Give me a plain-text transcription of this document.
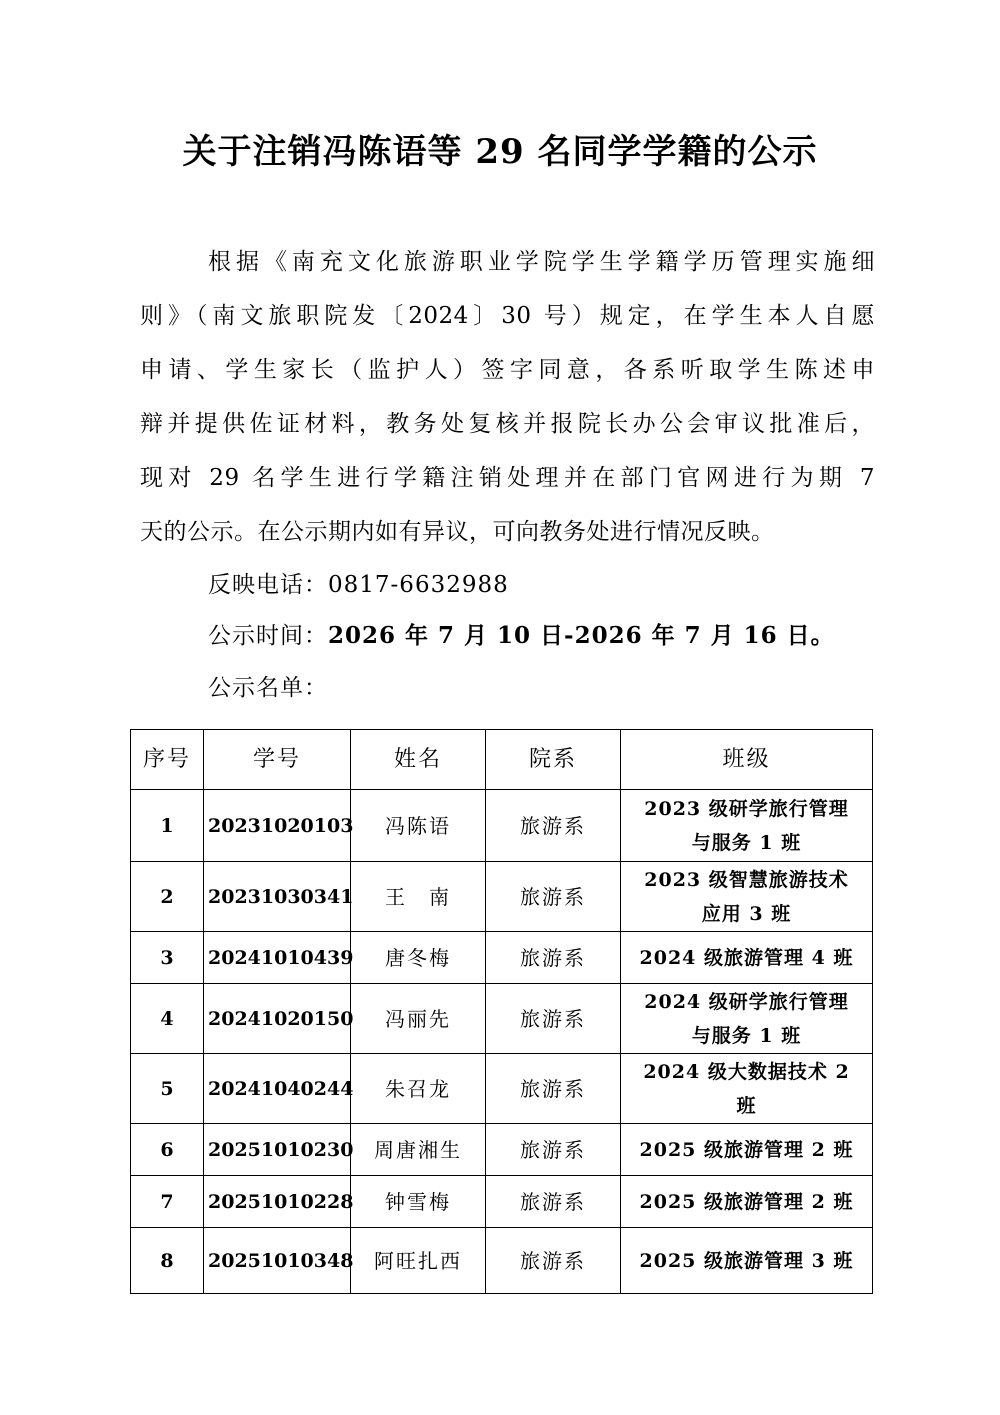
关于注销冯陈语等 29 名同学学籍的公示
根据《南充文化旅游职业学院学生学籍学历管理实施细
则》（南文旅职院发〔2024〕30 号）规定，在学生本人自愿
申请、学生家长（监护人）签字同意，各系听取学生陈述申
辩并提供佐证材料，教务处复核并报院长办公会审议批准后，
现对 29 名学生进行学籍注销处理并在部门官网进行为期 7
天的公示。在公示期内如有异议，可向教务处进行情况反映。
反映电话：0817-6632988
公示时间：2026 年 7 月 10 日-2026 年 7 月 16 日。
公示名单：
序号	学号	姓名	院系	班级
1	20231020103	冯陈语	旅游系	2023 级研学旅行管理
与服务 1 班

2	20231030341	王　南	旅游系	2023 级智慧旅游技术
应用 3 班

3	20241010439	唐冬梅	旅游系	2024 级旅游管理 4 班

4	20241020150	冯丽先	旅游系	2024 级研学旅行管理
与服务 1 班

5	20241040244	朱召龙	旅游系	2024 级大数据技术 2
班

6	20251010230	周唐湘生	旅游系	2025 级旅游管理 2 班

7	20251010228	钟雪梅	旅游系	2025 级旅游管理 2 班

8	20251010348	阿旺扎西	旅游系	2025 级旅游管理 3 班
